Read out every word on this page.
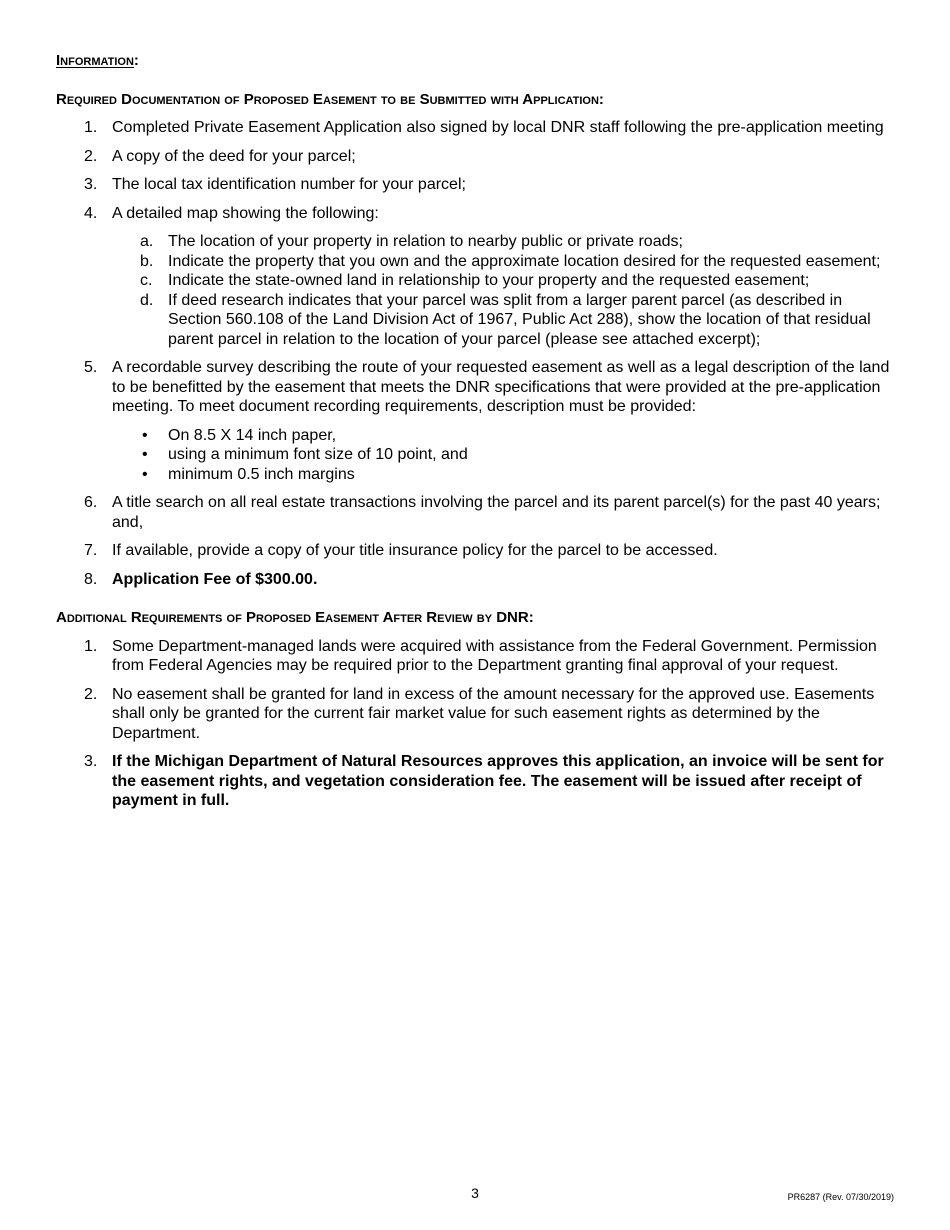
Information:
Required Documentation of Proposed Easement to be Submitted with Application:
1. Completed Private Easement Application also signed by local DNR staff following the pre-application meeting
2. A copy of the deed for your parcel;
3. The local tax identification number for your parcel;
4. A detailed map showing the following:
a. The location of your property in relation to nearby public or private roads;
b. Indicate the property that you own and the approximate location desired for the requested easement;
c. Indicate the state-owned land in relationship to your property and the requested easement;
d. If deed research indicates that your parcel was split from a larger parent parcel (as described in Section 560.108 of the Land Division Act of 1967, Public Act 288), show the location of that residual parent parcel in relation to the location of your parcel (please see attached excerpt);
5. A recordable survey describing the route of your requested easement as well as a legal description of the land to be benefitted by the easement that meets the DNR specifications that were provided at the pre-application meeting. To meet document recording requirements, description must be provided:
• On 8.5 X 14 inch paper,
• using a minimum font size of 10 point, and
• minimum 0.5 inch margins
6. A title search on all real estate transactions involving the parcel and its parent parcel(s) for the past 40 years; and,
7. If available, provide a copy of your title insurance policy for the parcel to be accessed.
8. Application Fee of $300.00.
Additional Requirements of Proposed Easement After Review by DNR:
1. Some Department-managed lands were acquired with assistance from the Federal Government. Permission from Federal Agencies may be required prior to the Department granting final approval of your request.
2. No easement shall be granted for land in excess of the amount necessary for the approved use. Easements shall only be granted for the current fair market value for such easement rights as determined by the Department.
3. If the Michigan Department of Natural Resources approves this application, an invoice will be sent for the easement rights, and vegetation consideration fee. The easement will be issued after receipt of payment in full.
3	PR6287 (Rev. 07/30/2019)
